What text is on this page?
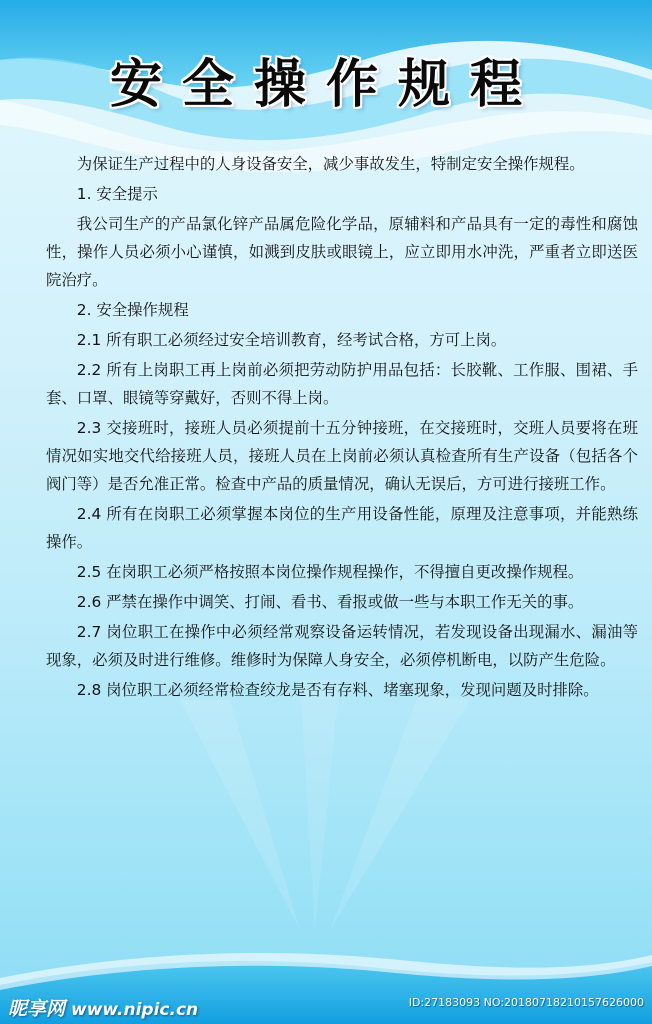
安全操作规程

为保证生产过程中的人身设备安全，减少事故发生，特制定安全操作规程。

1. 安全提示

我公司生产的产品氯化锌产品属危险化学品，原辅料和产品具有一定的毒性和腐蚀性，操作人员必须小心谨慎，如溅到皮肤或眼镜上，应立即用水冲洗，严重者立即送医院治疗。

2. 安全操作规程

2.1 所有职工必须经过安全培训教育，经考试合格，方可上岗。

2.2 所有上岗职工再上岗前必须把劳动防护用品包括：长胶靴、工作服、围裙、手套、口罩、眼镜等穿戴好，否则不得上岗。

2.3 交接班时，接班人员必须提前十五分钟接班，在交接班时，交班人员要将在班情况如实地交代给接班人员，接班人员在上岗前必须认真检查所有生产设备（包括各个阀门等）是否允准正常。检查中产品的质量情况，确认无误后，方可进行接班工作。

2.4 所有在岗职工必须掌握本岗位的生产用设备性能，原理及注意事项，并能熟练操作。

2.5 在岗职工必须严格按照本岗位操作规程操作，不得擅自更改操作规程。

2.6 严禁在操作中调笑、打闹、看书、看报或做一些与本职工作无关的事。

2.7 岗位职工在操作中必须经常观察设备运转情况，若发现设备出现漏水、漏油等现象，必须及时进行维修。维修时为保障人身安全，必须停机断电，以防产生危险。

2.8 岗位职工必须经常检查绞龙是否有存料、堵塞现象，发现问题及时排除。

昵享网 www.nipic.cn	ID:27183093 NO:20180718210157626000
